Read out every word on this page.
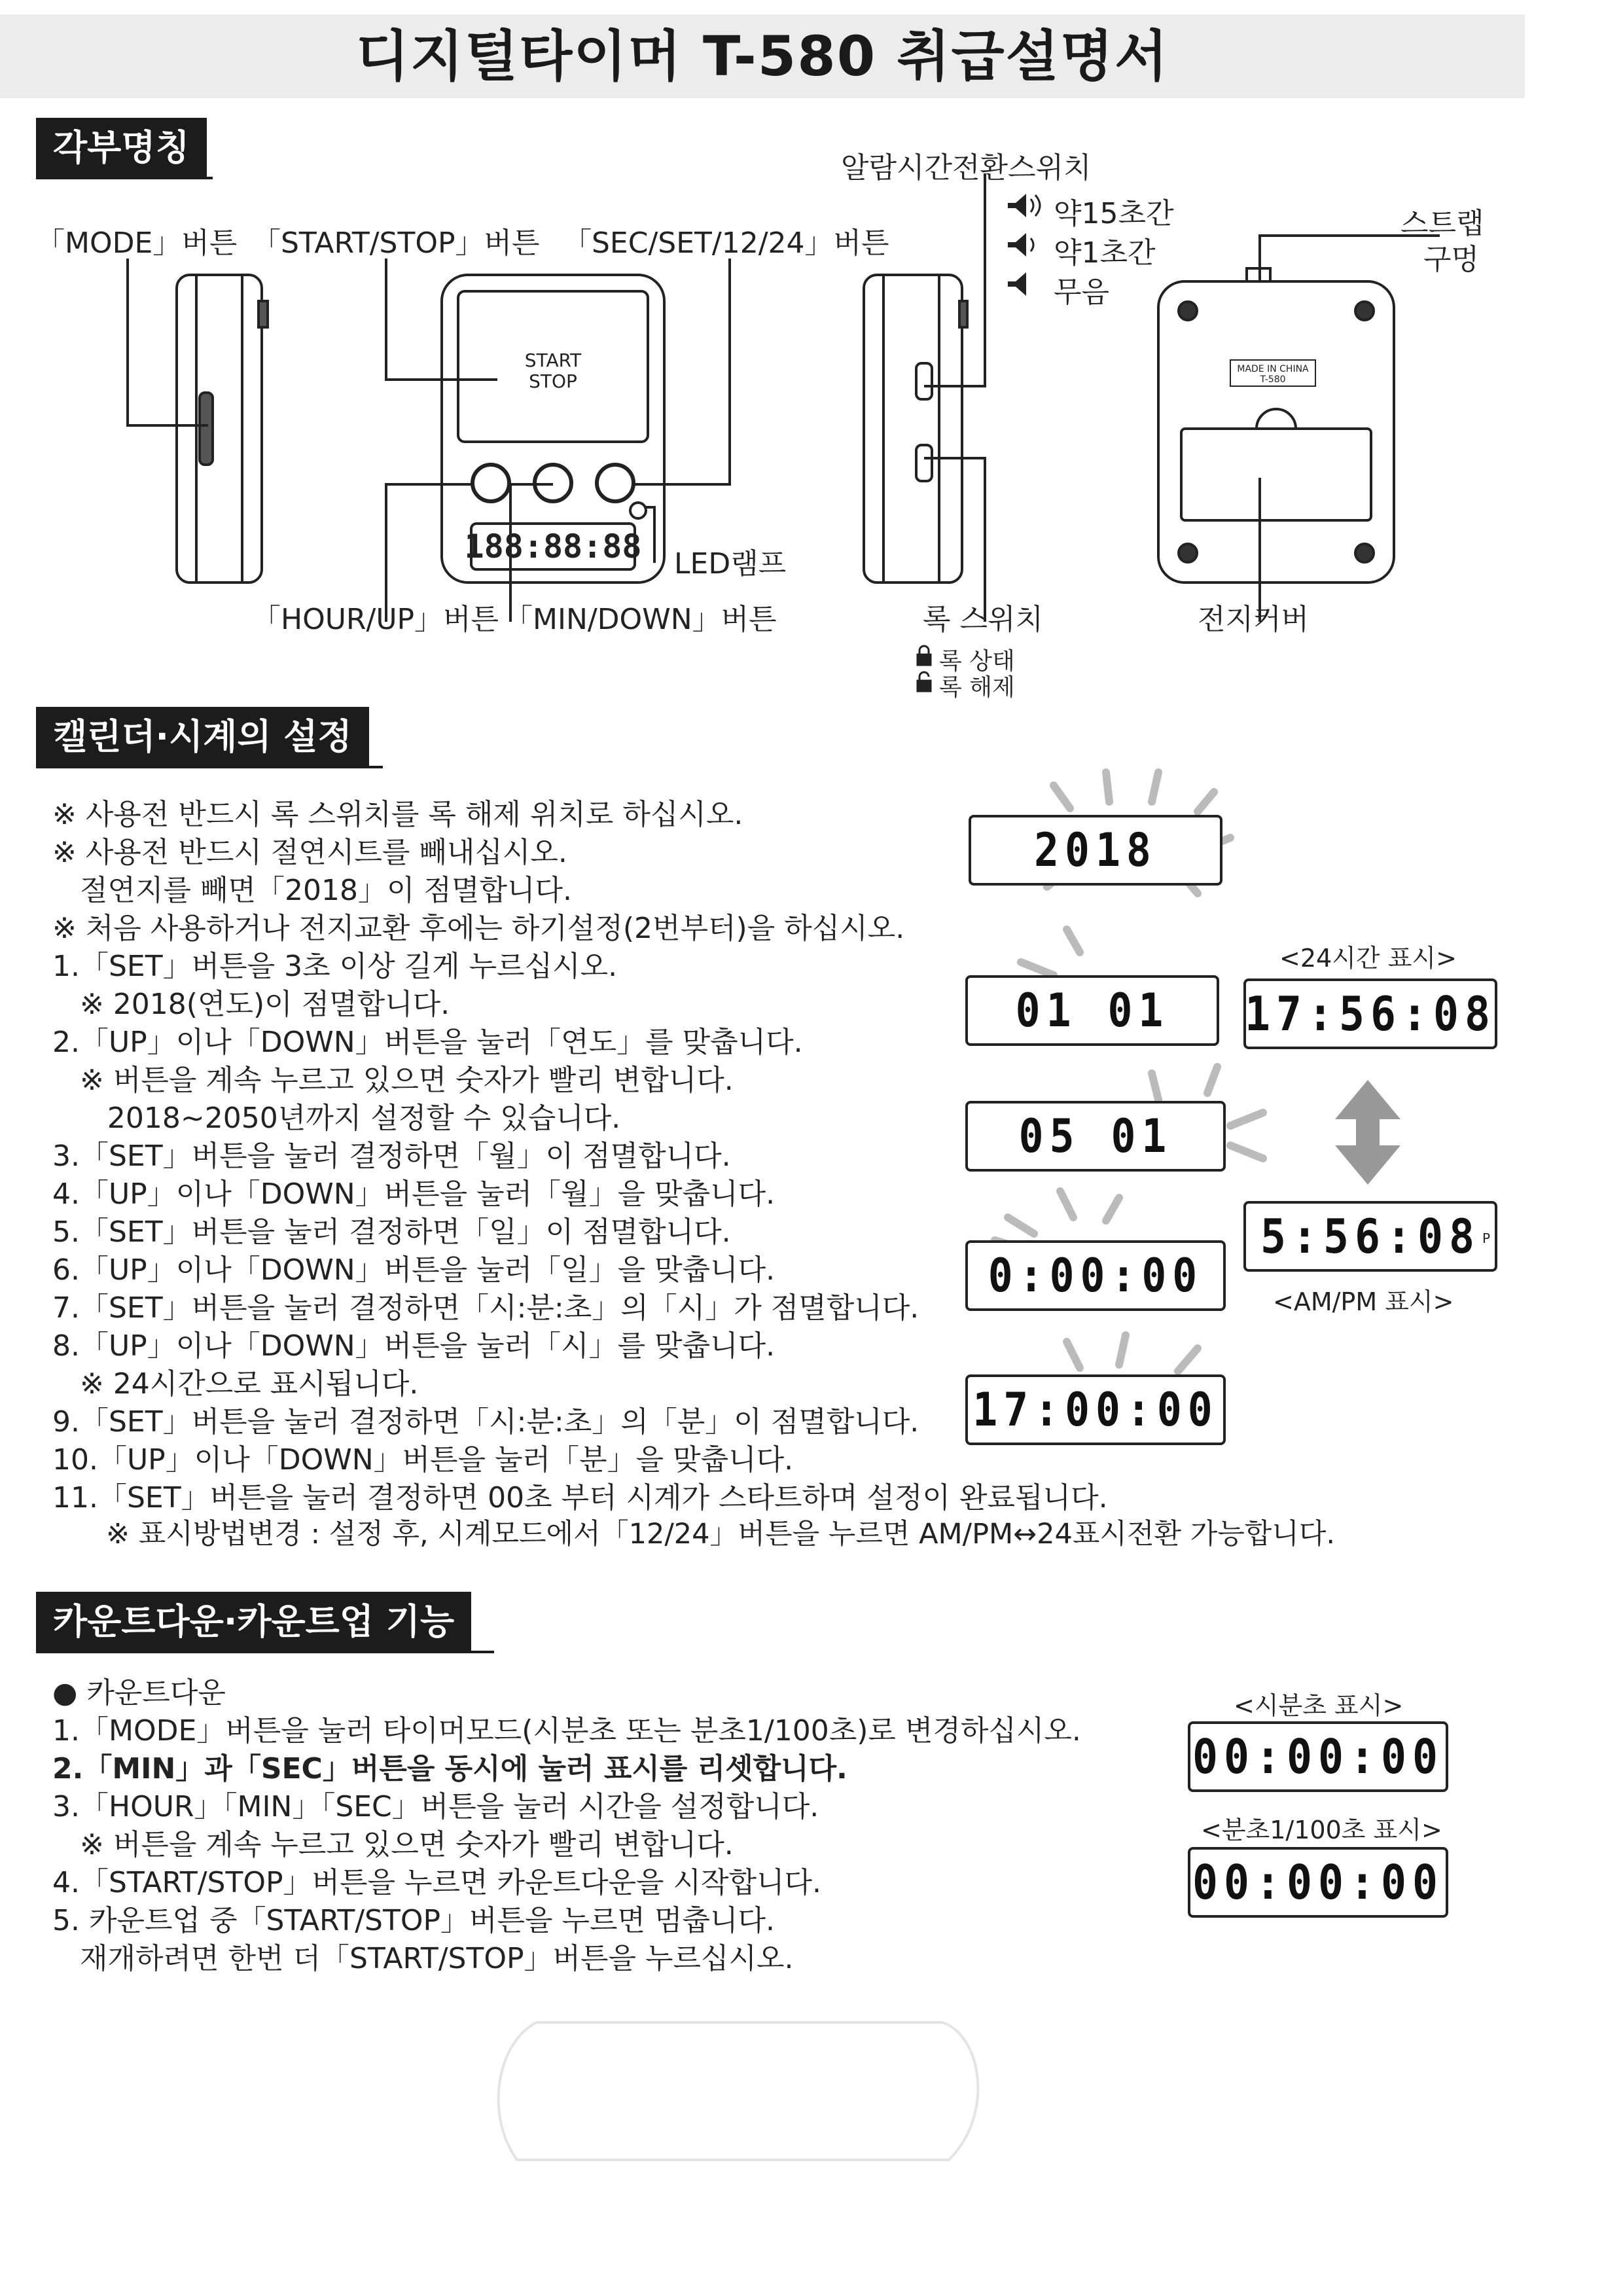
디지털타이머 T-580 취급설명서
각부명칭
START
STOP
188:88:88
MADE IN CHINA
T-580
「MODE」버튼 「START/STOP」버튼 「SEC/SET/12/24」버튼
알람시간전환스위치
약15초간
약1초간
무음
스트랩
구멍
LED램프
「HOUR/UP」버튼 「MIN/DOWN」버튼	록 스위치
록 상태
록 해제
전지커버
캘린더·시계의 설정
※ 사용전 반드시 록 스위치를 록 해제 위치로 하십시오.
※ 사용전 반드시 절연시트를 빼내십시오.
절연지를 빼면「2018」이 점멸합니다.
※ 처음 사용하거나 전지교환 후에는 하기설정(2번부터)을 하십시오.
1.「SET」버튼을 3초 이상 길게 누르십시오.
※ 2018(연도)이 점멸합니다.
2.「UP」이나「DOWN」버튼을 눌러「연도」를 맞춥니다.
※ 버튼을 계속 누르고 있으면 숫자가 빨리 변합니다.
2018~2050년까지 설정할 수 있습니다.
3.「SET」버튼을 눌러 결정하면「월」이 점멸합니다.
4.「UP」이나「DOWN」버튼을 눌러「월」을 맞춥니다.
5.「SET」버튼을 눌러 결정하면「일」이 점멸합니다.
6.「UP」이나「DOWN」버튼을 눌러「일」을 맞춥니다.
7.「SET」버튼을 눌러 결정하면「시:분:초」의「시」가 점멸합니다.
8.「UP」이나「DOWN」버튼을 눌러「시」를 맞춥니다.
※ 24시간으로 표시됩니다.
9.「SET」버튼을 눌러 결정하면「시:분:초」의「분」이 점멸합니다.
10.「UP」이나「DOWN」버튼을 눌러「분」을 맞춥니다.
11.「SET」버튼을 눌러 결정하면 00초 부터 시계가 스타트하며 설정이 완료됩니다.
※ 표시방법변경 : 설정 후, 시계모드에서「12/24」버튼을 누르면 AM/PM↔24표시전환 가능합니다.
2018
01 01
05 01
0:00:00
17:00:00
<24시간 표시>
17:56:08
5:56:08 P
<AM/PM 표시>
카운트다운·카운트업 기능
● 카운트다운
1.「MODE」버튼을 눌러 타이머모드(시분초 또는 분초1/100초)로 변경하십시오.
2.「MIN」과「SEC」버튼을 동시에 눌러 표시를 리셋합니다.
3.「HOUR」「MIN」「SEC」버튼을 눌러 시간을 설정합니다.
※ 버튼을 계속 누르고 있으면 숫자가 빨리 변합니다.
4.「START/STOP」버튼을 누르면 카운트다운을 시작합니다.
5. 카운트업 중「START/STOP」버튼을 누르면 멈춥니다.
재개하려면 한번 더「START/STOP」버튼을 누르십시오.
<시분초 표시>
00:00:00
<분초1/100초 표시>
00:00:00
